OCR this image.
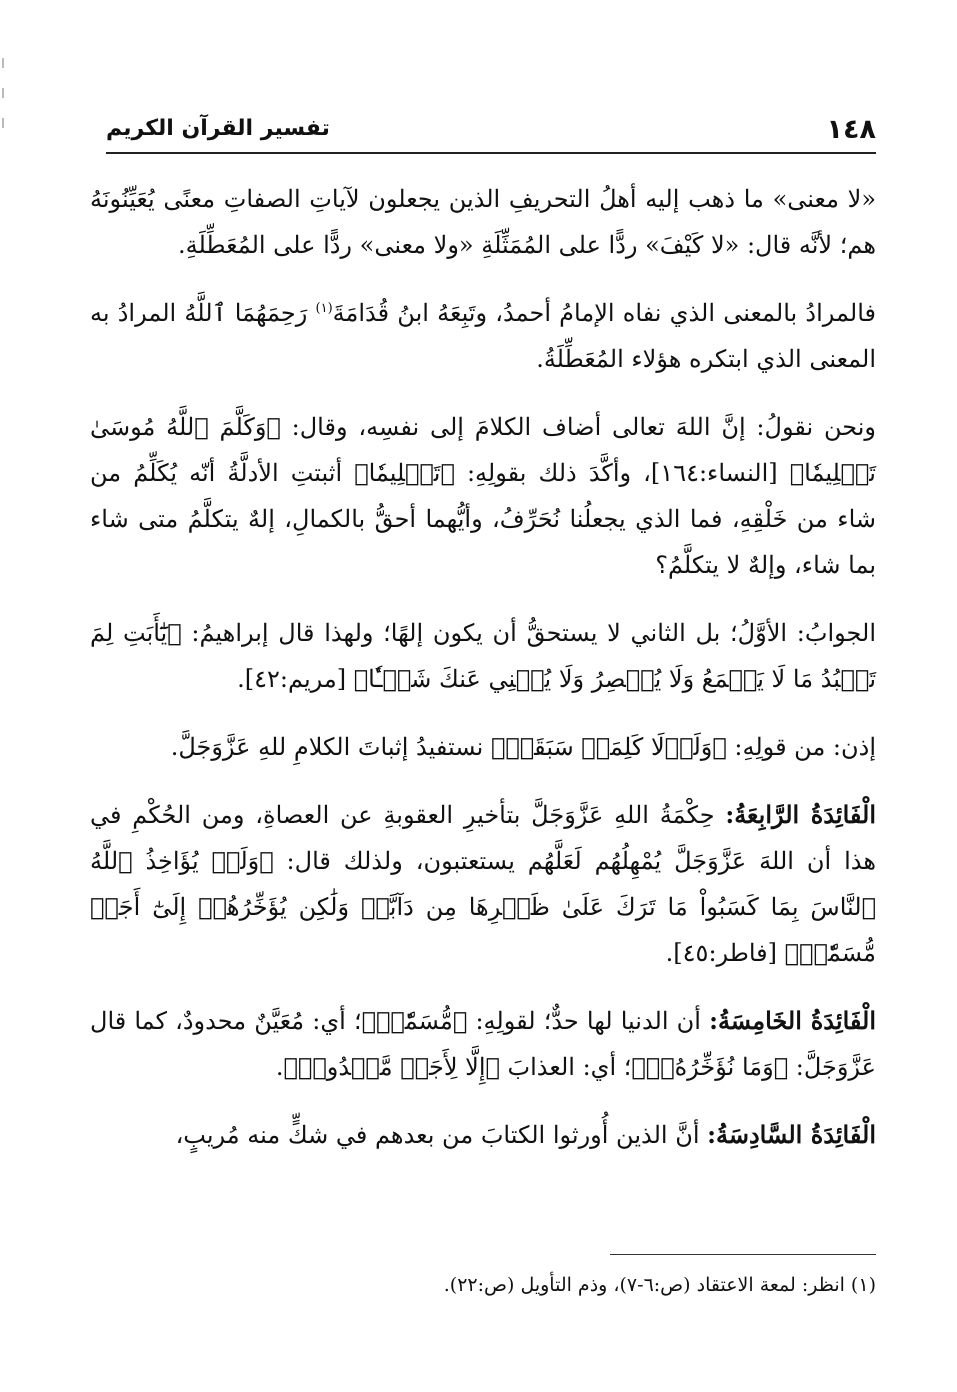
١٤٨
تفسير القرآن الكريم

«لا معنى» ما ذهب إليه أهلُ التحريفِ الذين يجعلون لآياتِ الصفاتِ معنًى يُعَيِّنُونَهُ هم؛ لأنَّه قال: «لا كَيْفَ» ردًّا على المُمَثِّلَةِ «ولا معنى» ردًّا على المُعَطِّلَةِ.

فالمرادُ بالمعنى الذي نفاه الإمامُ أحمدُ، وتَبِعَهُ ابنُ قُدَامَةَ$^{(١)}$ رَحِمَهُمَا ٱللَّهُ المرادُ به المعنى الذي ابتكره هؤلاء المُعَطِّلَةُ.

ونحن نقولُ: إنَّ اللهَ تعالى أضاف الكلامَ إلى نفسِه، وقال: ﴿وَكَلَّمَ ٱللَّهُ مُوسَىٰ تَكۡلِيمٗا﴾ [النساء:١٦٤]، وأكَّدَ ذلك بقولِهِ: ﴿تَكۡلِيمٗا﴾ أثبتتِ الأدلَّةُ أنّه يُكَلِّمُ من شاء من خَلْقِهِ، فما الذي يجعلُنا نُحَرِّفُ، وأيُّهما أحقُّ بالكمالِ، إلهٌ يتكلَّمُ متى شاء بما شاء، وإلهٌ لا يتكلَّمُ؟

الجوابُ: الأوَّلُ؛ بل الثاني لا يستحقُّ أن يكون إلهًا؛ ولهذا قال إبراهيمُ: ﴿يَٰٓأَبَتِ لِمَ تَعۡبُدُ مَا لَا يَسۡمَعُ وَلَا يُبۡصِرُ وَلَا يُغۡنِي عَنكَ شَيۡـٔٗا﴾ [مريم:٤٢].

إذن: من قولِهِ: ﴿وَلَوۡلَا كَلِمَةٞ سَبَقَتۡ﴾ نستفيدُ إثباتَ الكلامِ للهِ عَزَّوَجَلَّ.

الْفَائِدَةُ الرَّابِعَةُ: حِكْمَةُ اللهِ عَزَّوَجَلَّ بتأخيرِ العقوبةِ عن العصاةِ، ومن الحُكْمِ في هذا أن اللهَ عَزَّوَجَلَّ يُمْهِلُهُم لَعَلَّهُم يستعتبون، ولذلك قال: ﴿وَلَوۡ يُؤَاخِذُ ٱللَّهُ ٱلنَّاسَ بِمَا كَسَبُواْ مَا تَرَكَ عَلَىٰ ظَهۡرِهَا مِن دَآبَّةٖ وَلَٰكِن يُؤَخِّرُهُمۡ إِلَىٰٓ أَجَلٖ مُّسَمّٗىۖ﴾ [فاطر:٤٥].

الْفَائِدَةُ الخَامِسَةُ: أن الدنيا لها حدٌّ؛ لقولِهِ: ﴿مُّسَمّٗىۖ﴾؛ أي: مُعَيَّنٌ محدودٌ، كما قال عَزَّوَجَلَّ: ﴿وَمَا نُؤَخِّرُهُۥٓ﴾؛ أي: العذابَ ﴿إِلَّا لِأَجَلٖ مَّعۡدُودٖ﴾.

الْفَائِدَةُ السَّادِسَةُ: أنَّ الذين أُورثوا الكتابَ من بعدهم في شكٍّ منه مُريبٍ،

(١) انظر: لمعة الاعتقاد (ص:٦-٧)، وذم التأويل (ص:٢٢).
